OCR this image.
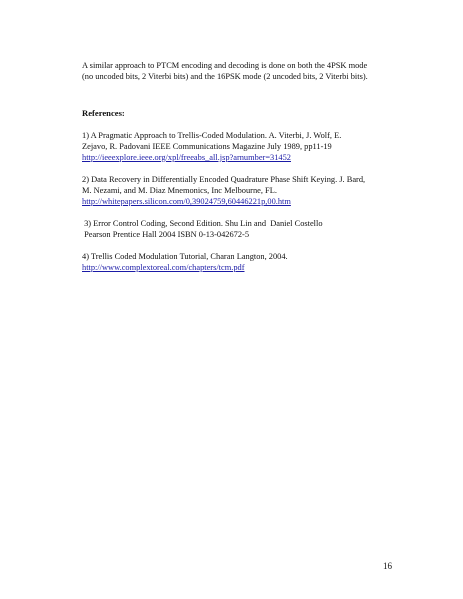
A similar approach to PTCM encoding and decoding is done on both the 4PSK mode
(no uncoded bits, 2 Viterbi bits) and the 16PSK mode (2 uncoded bits, 2 Viterbi bits).
References:
1) A Pragmatic Approach to Trellis-Coded Modulation. A. Viterbi, J. Wolf, E.
Zejavo, R. Padovani IEEE Communications Magazine July 1989, pp11-19
http://ieeexplore.ieee.org/xpl/freeabs_all.jsp?arnumber=31452
2) Data Recovery in Differentially Encoded Quadrature Phase Shift Keying. J. Bard,
M. Nezami, and M. Diaz Mnemonics, Inc Melbourne, FL.
http://whitepapers.silicon.com/0,39024759,60446221p,00.htm
3) Error Control Coding, Second Edition. Shu Lin and  Daniel Costello
Pearson Prentice Hall 2004 ISBN 0-13-042672-5
4) Trellis Coded Modulation Tutorial, Charan Langton, 2004.
http://www.complextoreal.com/chapters/tcm.pdf
16
